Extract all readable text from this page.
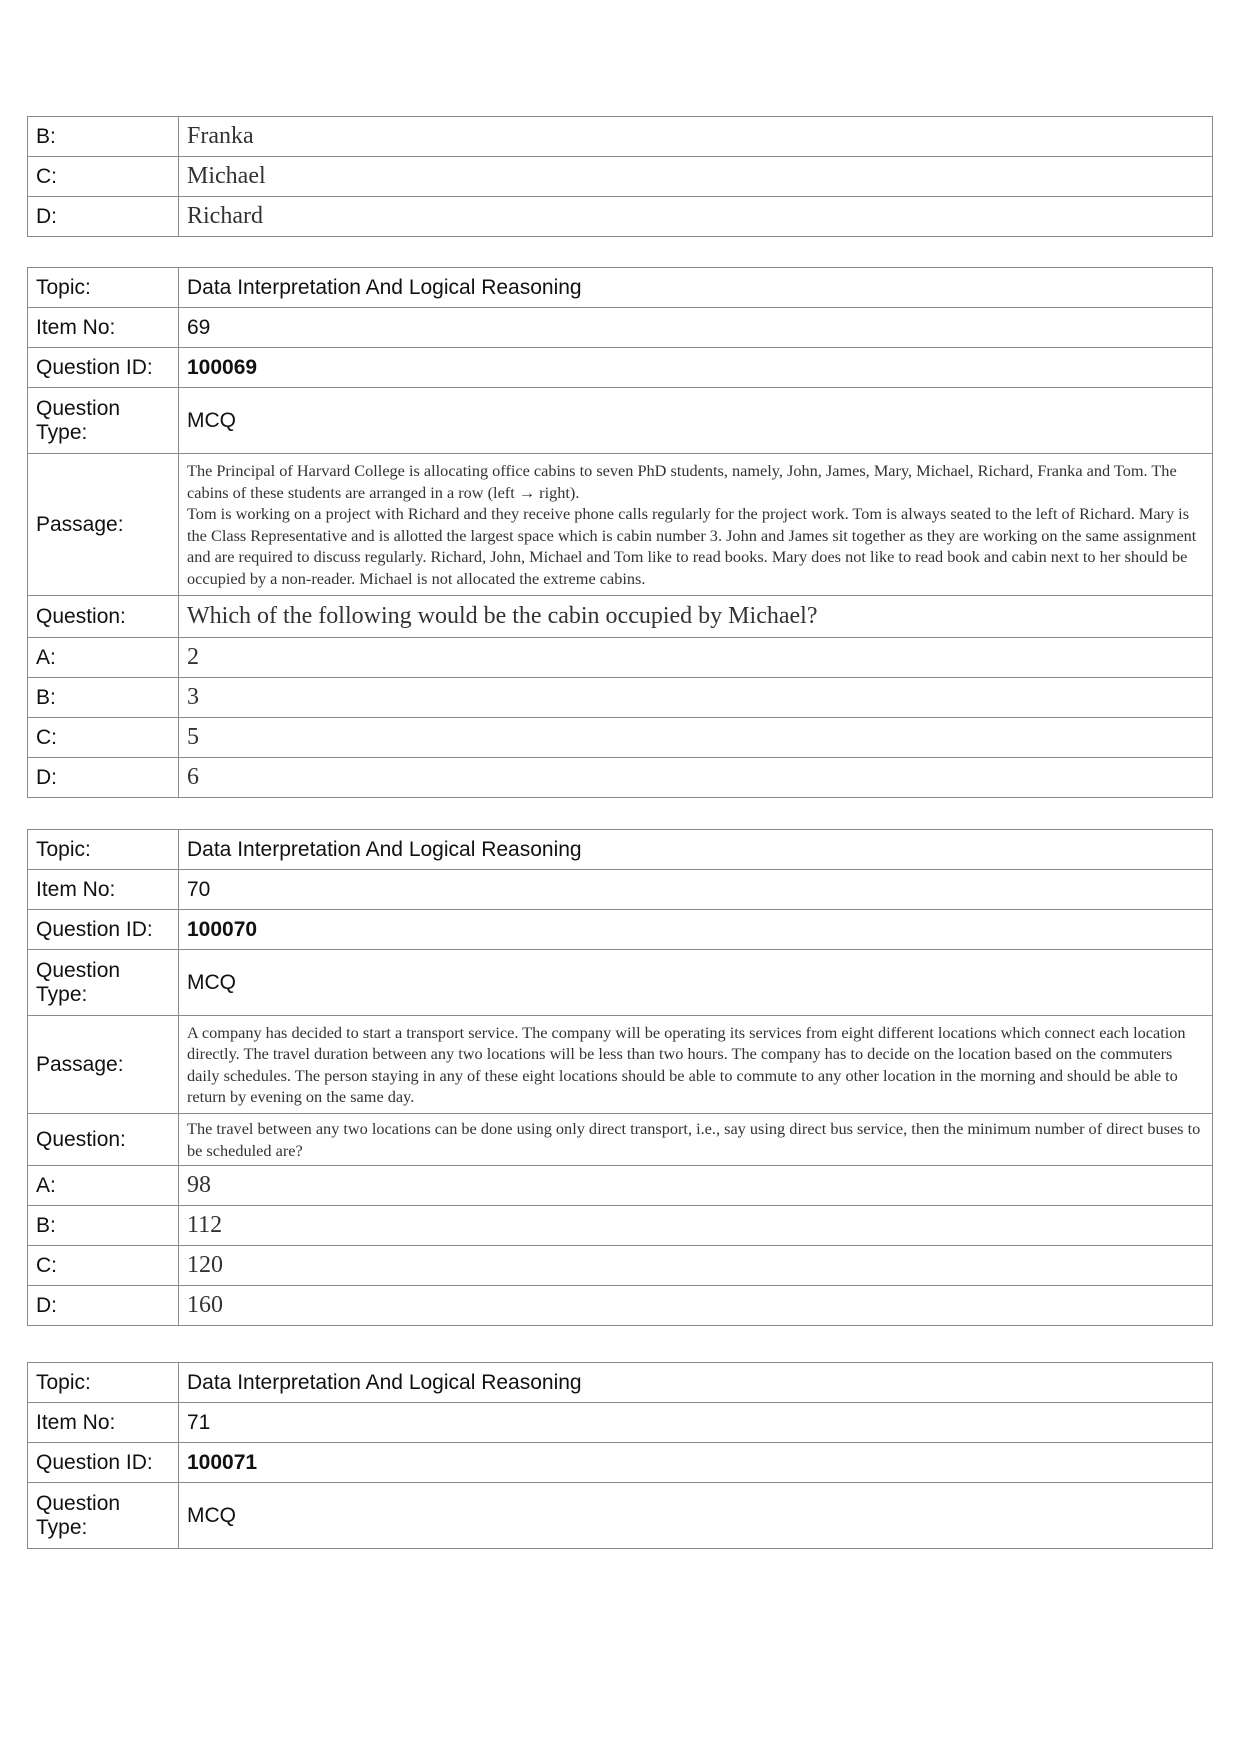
B:	Franka
C:	Michael
D:	Richard
Topic:	Data Interpretation And Logical Reasoning
Item No:	69
Question ID:	100069
Question Type:	MCQ
Passage:	The Principal of Harvard College is allocating office cabins to seven PhD students, namely, John, James, Mary, Michael, Richard, Franka and Tom. The cabins of these students are arranged in a row (left → right).
Tom is working on a project with Richard and they receive phone calls regularly for the project work. Tom is always seated to the left of Richard. Mary is the Class Representative and is allotted the largest space which is cabin number 3. John and James sit together as they are working on the same assignment and are required to discuss regularly. Richard, John, Michael and Tom like to read books. Mary does not like to read book and cabin next to her should be occupied by a non-reader. Michael is not allocated the extreme cabins.

Question:	Which of the following would be the cabin occupied by Michael?
A:	2
B:	3
C:	5
D:	6
Topic:	Data Interpretation And Logical Reasoning
Item No:	70
Question ID:	100070
Question Type:	MCQ
Passage:	A company has decided to start a transport service. The company will be operating its services from eight different locations which connect each location directly. The travel duration between any two locations will be less than two hours. The company has to decide on the location based on the commuters daily schedules. The person staying in any of these eight locations should be able to commute to any other location in the morning and should be able to return by evening on the same day.
Question:	The travel between any two locations can be done using only direct transport, i.e., say using direct bus service, then the minimum number of direct buses to be scheduled are?
A:	98
B:	112
C:	120
D:	160
Topic:	Data Interpretation And Logical Reasoning
Item No:	71
Question ID:	100071
Question Type:	MCQ
